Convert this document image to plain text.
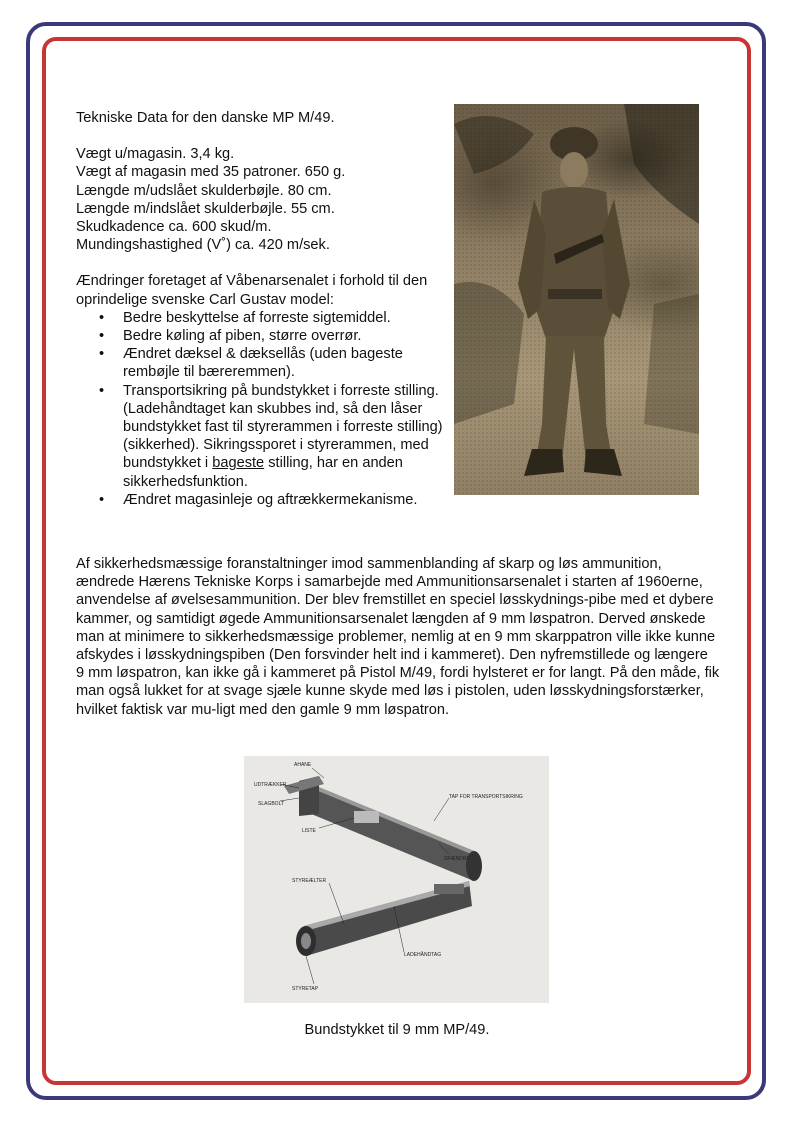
Tekniske Data for den danske MP M/49.

Vægt u/magasin. 3,4 kg.

Vægt af magasin med 35 patroner. 650 g.

Længde m/udslået skulderbøjle. 80 cm.

Længde m/indslået skulderbøjle. 55 cm.

Skudkadence ca. 600 skud/m.

Mundingshastighed (V˚) ca. 420 m/sek.

Ændringer foretaget af Våbenarsenalet i forhold til den oprindelige svenske Carl Gustav model:

• Bedre beskyttelse af forreste sigtemiddel.
• Bedre køling af piben, større overrør.
• Ændret dæksel & dæksellås (uden bageste rembøjle til bæreremmen).
• Transportsikring på bundstykket i forreste stilling. (Ladehåndtaget kan skubbes ind, så den låser bundstykket fast til styrerammen i forreste stilling) (sikkerhed). Sikringssporet i styrerammen, med bundstykket i bageste stilling, har en anden sikkerhedsfunktion.
• Ændret magasinleje og aftrækkermekanisme.
Af sikkerhedsmæssige foranstaltninger imod sammenblanding af skarp og løs ammunition, ændrede Hærens Tekniske Korps i samarbejde med Ammunitionsarsenalet i starten af 1960erne, anvendelse af øvelsesammunition. Der blev fremstillet en speciel løsskydnings-pibe med et dybere kammer, og samtidigt øgede Ammunitionsarsenalet længden af 9 mm løspatron. Derved ønskede man at minimere to sikkerhedsmæssige problemer, nemlig at en 9 mm skarppatron ville ikke kunne afskydes i løsskydningspiben (Den forsvinder helt ind i kammeret). Den nyfremstillede og længere 9 mm løspatron, kan ikke gå i kammeret på Pistol M/49, fordi hylsteret er for langt. På den måde, fik man også lukket for at svage sjæle kunne skyde med løs i pistolen, uden løsskydningsforstærker, hvilket faktisk var mu-ligt med den gamle 9 mm løspatron.
AHANE
UDTRÆKKER
SLAGBOLT
LISTE
TAP FOR TRANSPORTSIKRING
SPÆNDRC
STYREÆLTER
LADEHÅNDTAG
STYRETAP
Bundstykket til 9 mm MP/49.
